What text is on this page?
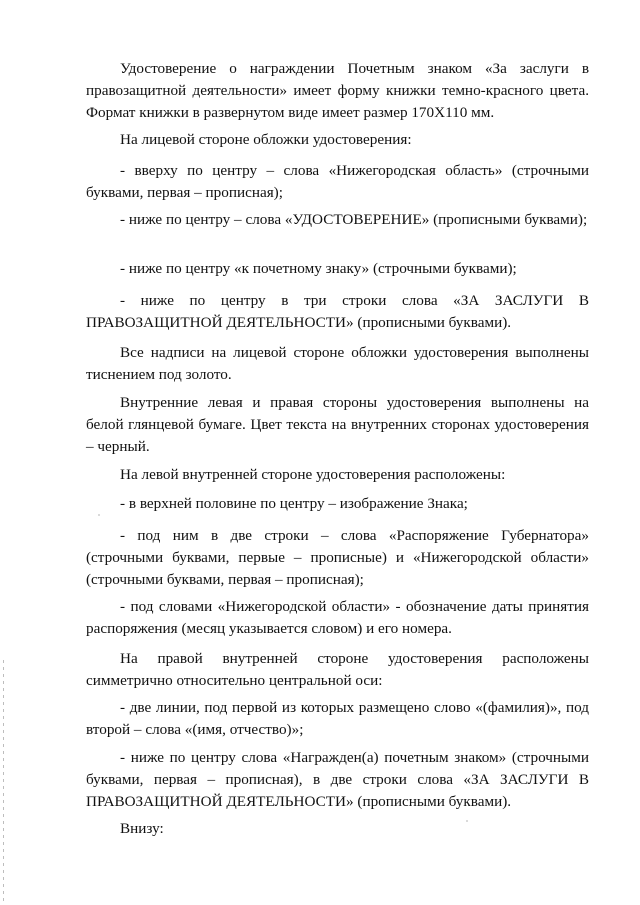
Удостоверение о награждении Почетным знаком «За заслуги в правозащитной деятельности» имеет форму книжки темно-красного цвета. Формат книжки в развернутом виде имеет размер 170Х110 мм.

На лицевой стороне обложки удостоверения:

- вверху по центру – слова «Нижегородская область» (строчными буквами, первая – прописная);

- ниже по центру – слова «УДОСТОВЕРЕНИЕ» (прописными буквами);

- ниже по центру «к почетному знаку» (строчными буквами);

- ниже по центру в три строки слова «ЗА ЗАСЛУГИ В ПРАВОЗАЩИТНОЙ ДЕЯТЕЛЬНОСТИ» (прописными буквами).

Все надписи на лицевой стороне обложки удостоверения выполнены тиснением под золото.

Внутренние левая и правая стороны удостоверения выполнены на белой глянцевой бумаге. Цвет текста на внутренних сторонах удостоверения – черный.

На левой внутренней стороне удостоверения расположены:

- в верхней половине по центру – изображение Знака;

- под ним в две строки – слова «Распоряжение Губернатора» (строчными буквами, первые – прописные) и «Нижегородской области» (строчными буквами, первая – прописная);

- под словами «Нижегородской области» - обозначение даты принятия распоряжения (месяц указывается словом) и его номера.

На правой внутренней стороне удостоверения расположены симметрично относительно центральной оси:

- две линии, под первой из которых размещено слово «(фамилия)», под второй – слова «(имя, отчество)»;

- ниже по центру слова «Награжден(а) почетным знаком» (строчными буквами, первая – прописная), в две строки слова «ЗА ЗАСЛУГИ В ПРАВОЗАЩИТНОЙ ДЕЯТЕЛЬНОСТИ» (прописными буквами).

Внизу:
